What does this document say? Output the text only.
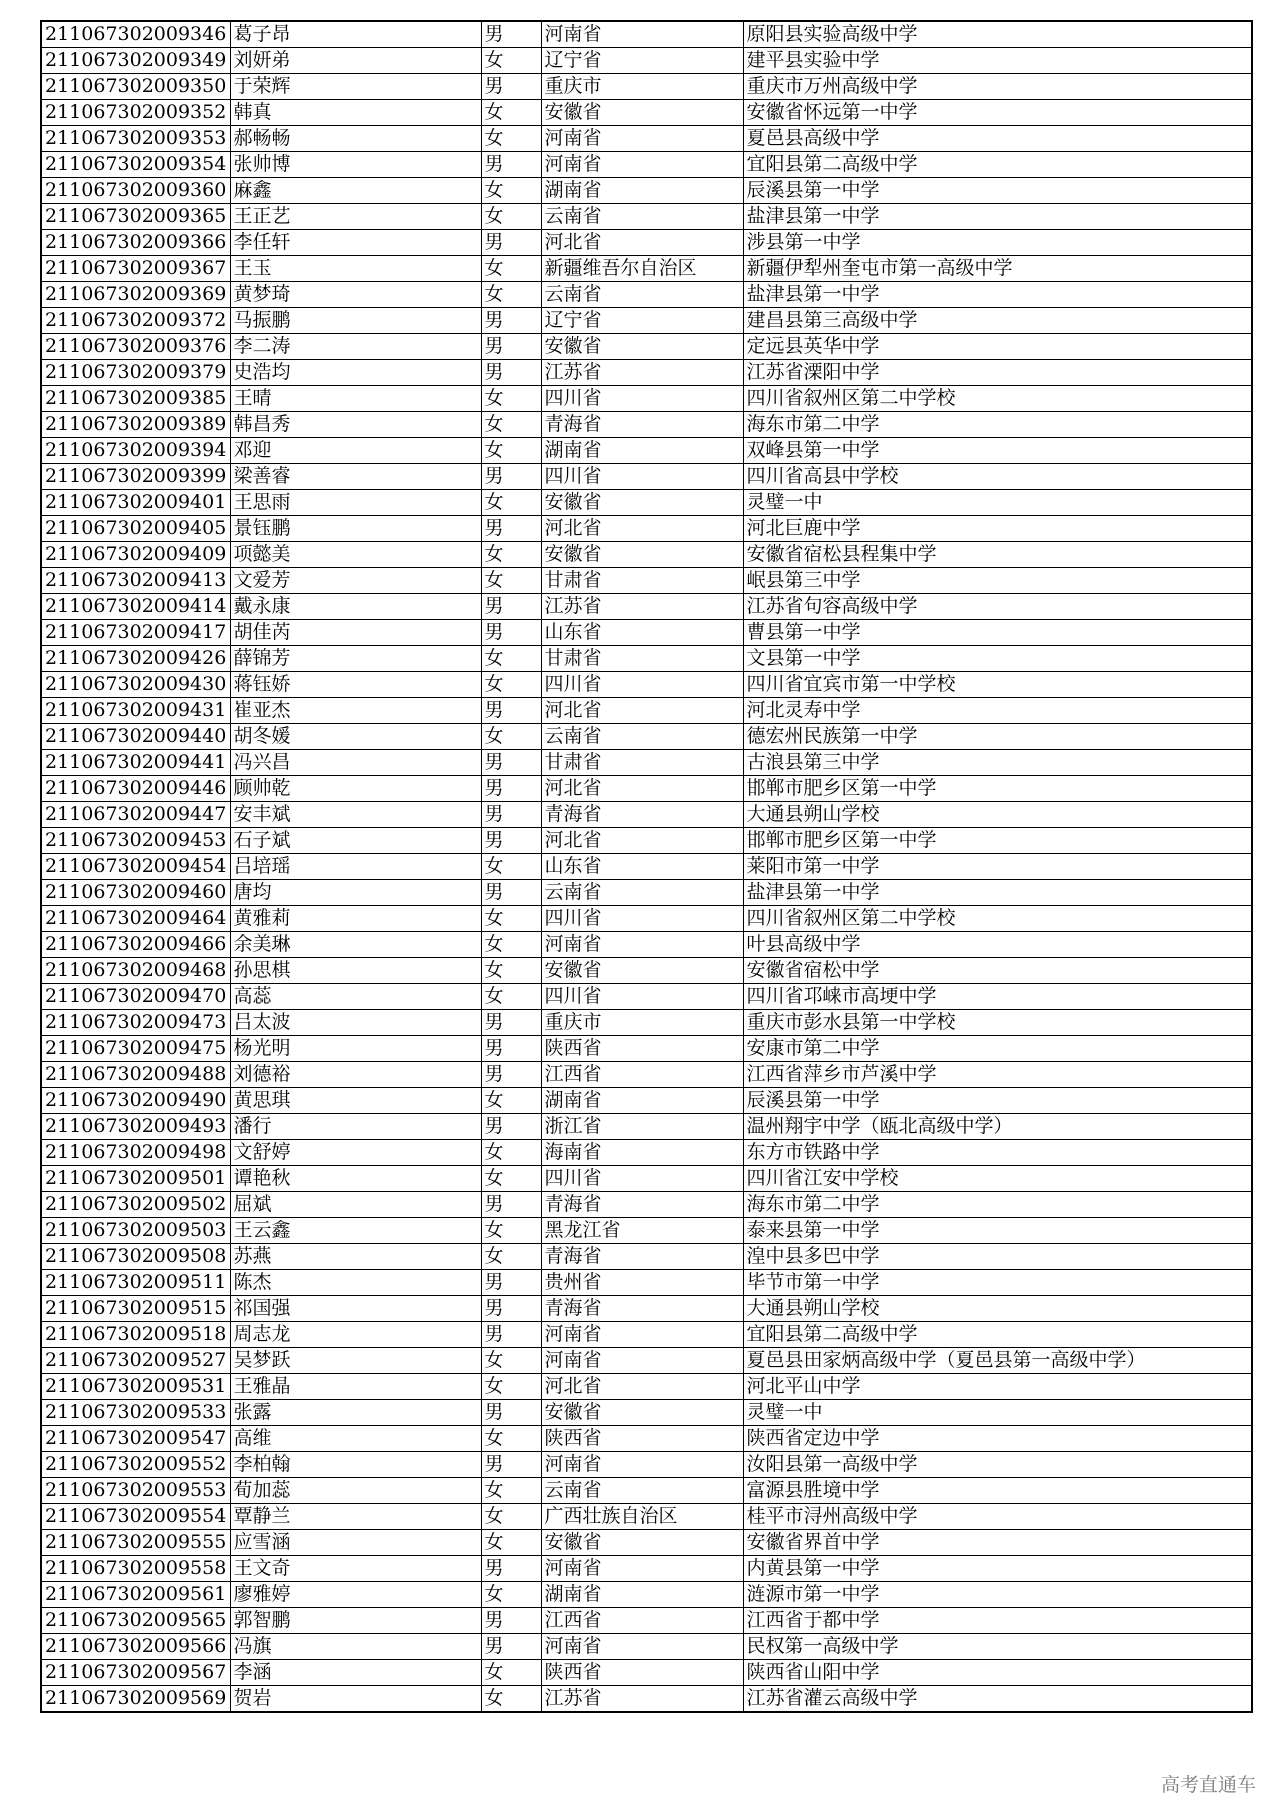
211067302009346	葛子昂	男	河南省	原阳县实验高级中学
211067302009349	刘妍弟	女	辽宁省	建平县实验中学
211067302009350	于荣辉	男	重庆市	重庆市万州高级中学
211067302009352	韩真	女	安徽省	安徽省怀远第一中学
211067302009353	郝畅畅	女	河南省	夏邑县高级中学
211067302009354	张帅博	男	河南省	宜阳县第二高级中学
211067302009360	麻鑫	女	湖南省	辰溪县第一中学
211067302009365	王正艺	女	云南省	盐津县第一中学
211067302009366	李任轩	男	河北省	涉县第一中学
211067302009367	王玉	女	新疆维吾尔自治区	新疆伊犁州奎屯市第一高级中学
211067302009369	黄梦琦	女	云南省	盐津县第一中学
211067302009372	马振鹏	男	辽宁省	建昌县第三高级中学
211067302009376	李二涛	男	安徽省	定远县英华中学
211067302009379	史浩均	男	江苏省	江苏省溧阳中学
211067302009385	王晴	女	四川省	四川省叙州区第二中学校
211067302009389	韩昌秀	女	青海省	海东市第二中学
211067302009394	邓迎	女	湖南省	双峰县第一中学
211067302009399	梁善睿	男	四川省	四川省高县中学校
211067302009401	王思雨	女	安徽省	灵璧一中
211067302009405	景钰鹏	男	河北省	河北巨鹿中学
211067302009409	项懿美	女	安徽省	安徽省宿松县程集中学
211067302009413	文爱芳	女	甘肃省	岷县第三中学
211067302009414	戴永康	男	江苏省	江苏省句容高级中学
211067302009417	胡佳芮	男	山东省	曹县第一中学
211067302009426	薛锦芳	女	甘肃省	文县第一中学
211067302009430	蒋钰娇	女	四川省	四川省宜宾市第一中学校
211067302009431	崔亚杰	男	河北省	河北灵寿中学
211067302009440	胡冬媛	女	云南省	德宏州民族第一中学
211067302009441	冯兴昌	男	甘肃省	古浪县第三中学
211067302009446	顾帅乾	男	河北省	邯郸市肥乡区第一中学
211067302009447	安丰斌	男	青海省	大通县朔山学校
211067302009453	石子斌	男	河北省	邯郸市肥乡区第一中学
211067302009454	吕培瑶	女	山东省	莱阳市第一中学
211067302009460	唐均	男	云南省	盐津县第一中学
211067302009464	黄雅莉	女	四川省	四川省叙州区第二中学校
211067302009466	余美琳	女	河南省	叶县高级中学
211067302009468	孙思棋	女	安徽省	安徽省宿松中学
211067302009470	高蕊	女	四川省	四川省邛崃市高埂中学
211067302009473	吕太波	男	重庆市	重庆市彭水县第一中学校
211067302009475	杨光明	男	陕西省	安康市第二中学
211067302009488	刘德裕	男	江西省	江西省萍乡市芦溪中学
211067302009490	黄思琪	女	湖南省	辰溪县第一中学
211067302009493	潘行	男	浙江省	温州翔宇中学（瓯北高级中学）
211067302009498	文舒婷	女	海南省	东方市铁路中学
211067302009501	谭艳秋	女	四川省	四川省江安中学校
211067302009502	屈斌	男	青海省	海东市第二中学
211067302009503	王云鑫	女	黑龙江省	泰来县第一中学
211067302009508	苏燕	女	青海省	湟中县多巴中学
211067302009511	陈杰	男	贵州省	毕节市第一中学
211067302009515	祁国强	男	青海省	大通县朔山学校
211067302009518	周志龙	男	河南省	宜阳县第二高级中学
211067302009527	吴梦跃	女	河南省	夏邑县田家炳高级中学（夏邑县第一高级中学）
211067302009531	王雅晶	女	河北省	河北平山中学
211067302009533	张露	男	安徽省	灵璧一中
211067302009547	高维	女	陕西省	陕西省定边中学
211067302009552	李柏翰	男	河南省	汝阳县第一高级中学
211067302009553	荀加蕊	女	云南省	富源县胜境中学
211067302009554	覃静兰	女	广西壮族自治区	桂平市浔州高级中学
211067302009555	应雪涵	女	安徽省	安徽省界首中学
211067302009558	王文奇	男	河南省	内黄县第一中学
211067302009561	廖雅婷	女	湖南省	涟源市第一中学
211067302009565	郭智鹏	男	江西省	江西省于都中学
211067302009566	冯旗	男	河南省	民权第一高级中学
211067302009567	李涵	女	陕西省	陕西省山阳中学
211067302009569	贺岩	女	江苏省	江苏省灌云高级中学
高考直通车
